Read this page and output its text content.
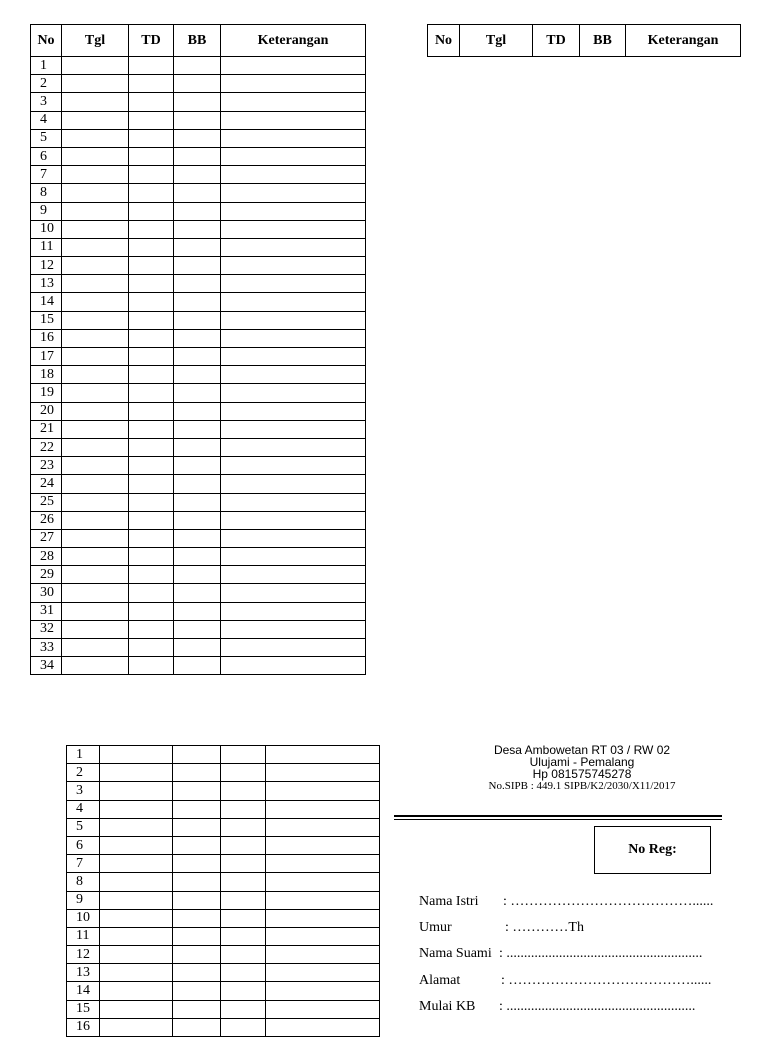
No	Tgl	TD	BB	Keterangan
1				
2				
3				
4				
5				
6				
7				
8				
9				
10				
11				
12				
13				
14				
15				
16				
17				
18				
19				
20				
21				
22				
23				
24				
25				
26				
27				
28				
29				
30				
31				
32				
33				
34				
No	Tgl	TD	BB	Keterangan
1				
2				
3				
4				
5				
6				
7				
8				
9				
10				
11				
12				
13				
14				
15				
16				
Desa Ambowetan RT 03 / RW 02
Ulujami - Pemalang
Hp 081575745278
No.SIPB : 449.1 SIPB/K2/2030/X11/2017
No Reg:
Nama Istri : …………………………………......
Umur	: …………Th
Nama Suami : ........................................................
Alamat	: …………………………………......
Mulai KB : ......................................................
